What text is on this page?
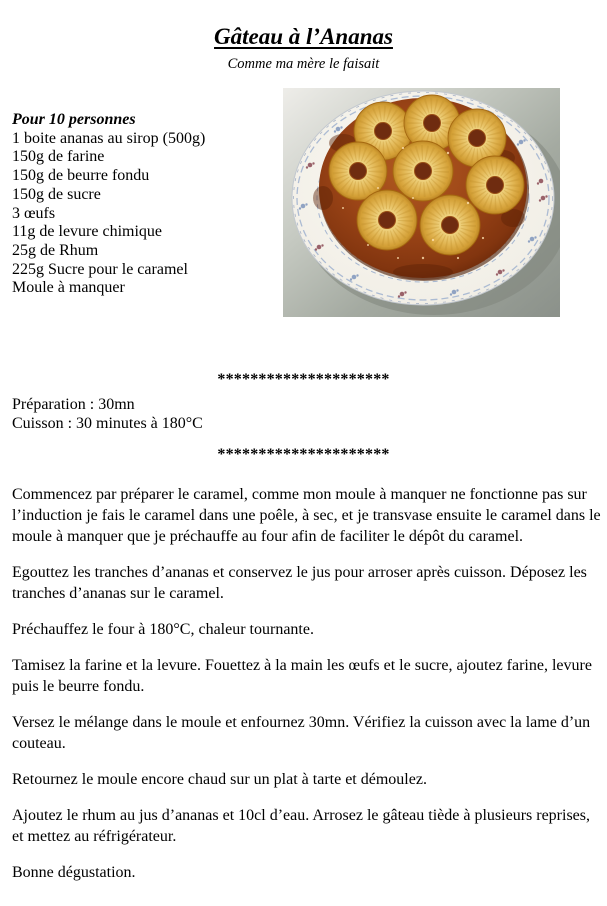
Gâteau à l’Ananas
Comme ma mère le faisait
Pour 10 personnes
1 boite ananas au sirop (500g)
150g de farine
150g de beurre fondu
150g de sucre
3 œufs
11g de levure chimique
25g de Rhum
225g Sucre pour le caramel
Moule à manquer
*********************
Préparation : 30mn
Cuisson : 30 minutes à 180°C
*********************

Commencez par préparer le caramel, comme mon moule à manquer ne fonctionne pas sur l’induction je fais le caramel dans une poêle, à sec, et je transvase ensuite le caramel dans le moule à manquer que je préchauffe au four afin de faciliter le dépôt du caramel.

Egouttez les tranches d’ananas et conservez le jus pour arroser après cuisson. Déposez les tranches d’ananas sur le caramel.

Préchauffez le four à 180°C, chaleur tournante.

Tamisez la farine et la levure. Fouettez à la main les œufs et le sucre, ajoutez farine, levure puis le beurre fondu.

Versez le mélange dans le moule et enfournez 30mn. Vérifiez la cuisson avec la lame d’un couteau.

Retournez le moule encore chaud sur un plat à tarte et démoulez.

Ajoutez le rhum au jus d’ananas et 10cl d’eau. Arrosez le gâteau tiède à plusieurs reprises, et mettez au réfrigérateur.

Bonne dégustation.
